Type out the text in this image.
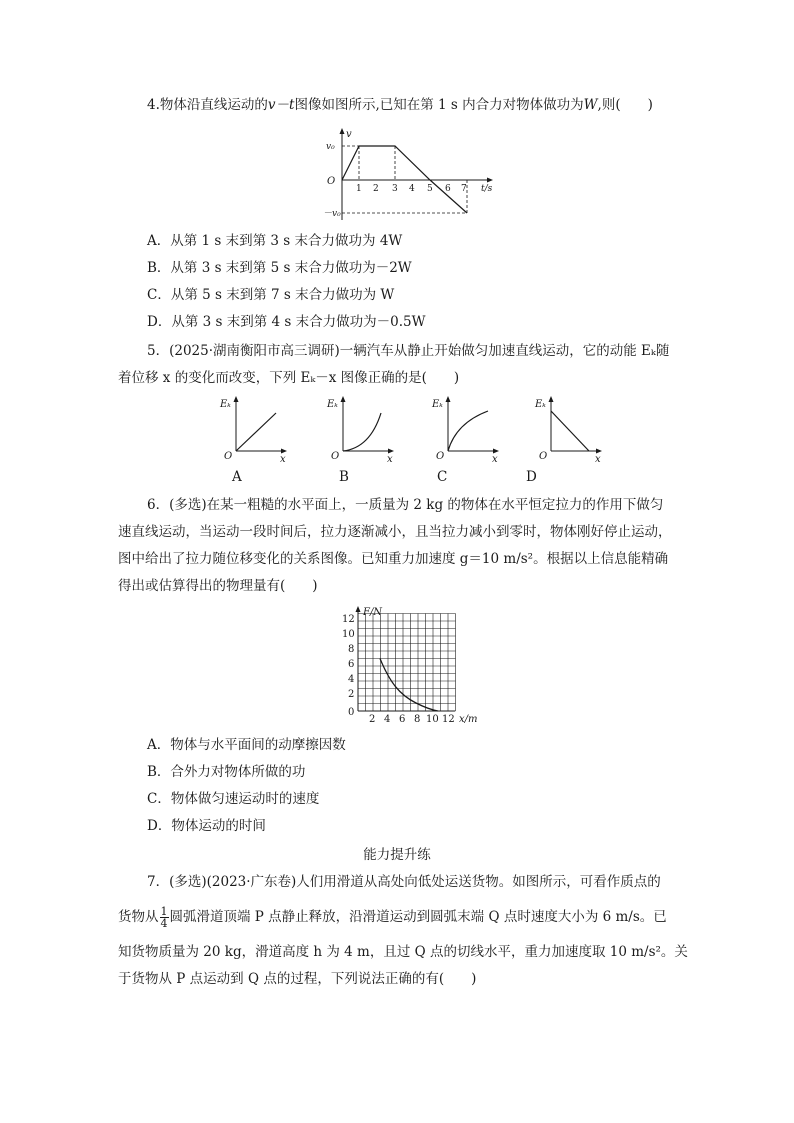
4.物体沿直线运动的v－t图像如图所示,已知在第 1 s 内合力对物体做功为W,则(　　)
v
v₀
O
－v₀
1 2 3 4 5 6 7 t/s
A．从第 1 s 末到第 3 s 末合力做功为 4W
B．从第 3 s 末到第 5 s 末合力做功为－2W
C．从第 5 s 末到第 7 s 末合力做功为 W
D．从第 3 s 末到第 4 s 末合力做功为－0.5W
5．(2025·湖南衡阳市高三调研)一辆汽车从静止开始做匀加速直线运动，它的动能 Eₖ随
着位移 x 的变化而改变，下列 Eₖ－x 图像正确的是(　　)
Eₖ
O	x
A
Eₖ
O	x
B
Eₖ
O	x
C
Eₖ
O	x
D
6．(多选)在某一粗糙的水平面上，一质量为 2 kg 的物体在水平恒定拉力的作用下做匀
速直线运动，当运动一段时间后，拉力逐渐减小，且当拉力减小到零时，物体刚好停止运动，
图中给出了拉力随位移变化的关系图像。已知重力加速度 g＝10 m/s²。根据以上信息能精确
得出或估算得出的物理量有(　　)
F/N
0
2
4
6
8
10
12
2 4 6 8 10 12 x/m
A．物体与水平面间的动摩擦因数
B．合外力对物体所做的功
C．物体做匀速运动时的速度
D．物体运动的时间
能力提升练
7．(多选)(2023·广东卷)人们用滑道从高处向低处运送货物。如图所示，可看作质点的
货物从 $\frac{1}{4}$ 圆弧滑道顶端 P 点静止释放，沿滑道运动到圆弧末端 Q 点时速度大小为 6 m/s。已
知货物质量为 20 kg，滑道高度 h 为 4 m，且过 Q 点的切线水平，重力加速度取 10 m/s²。关
于货物从 P 点运动到 Q 点的过程，下列说法正确的有(　　)
